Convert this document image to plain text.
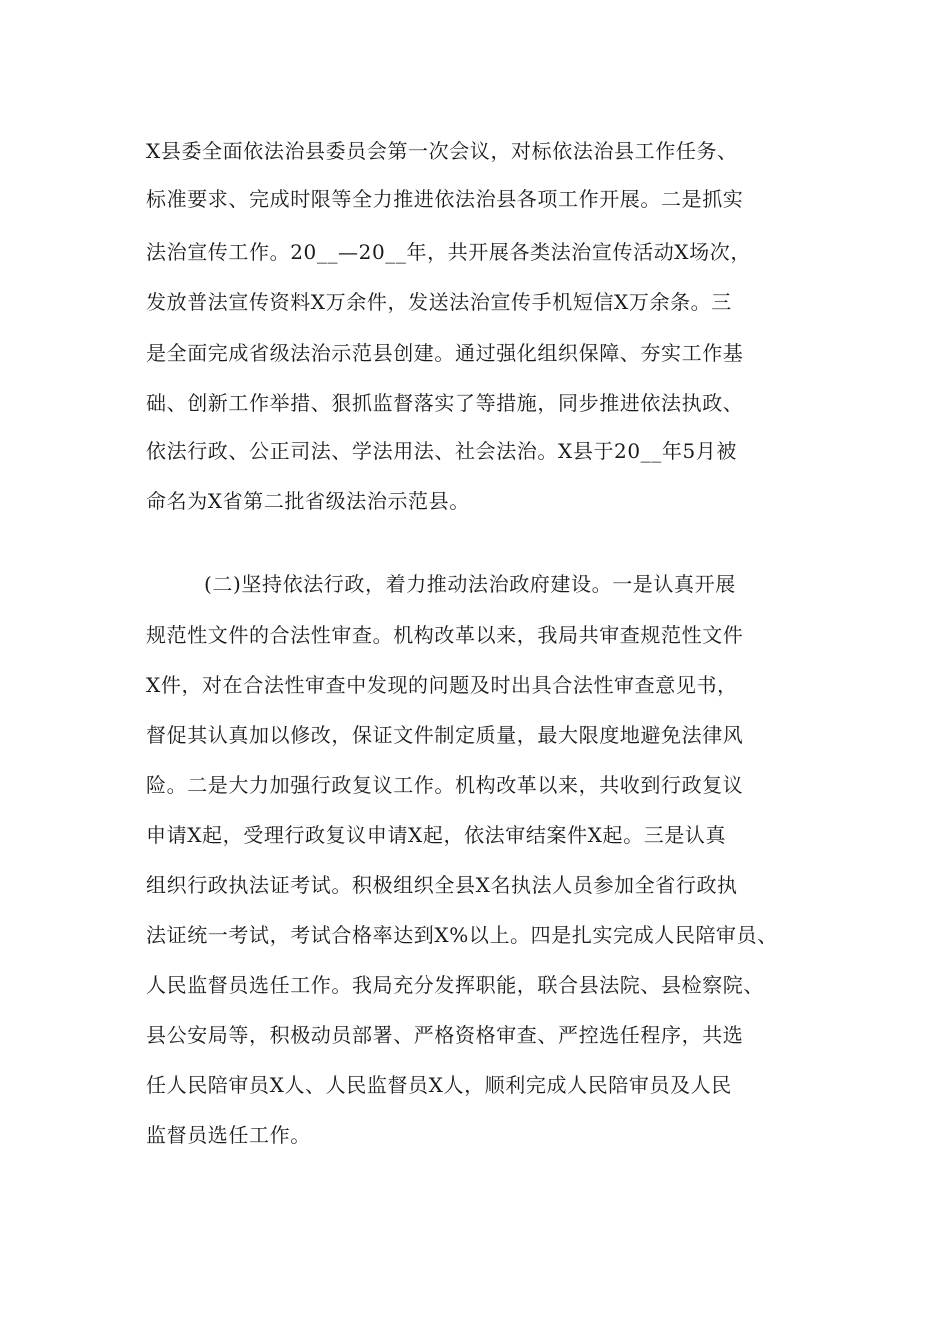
X县委全面依法治县委员会第一次会议，对标依法治县工作任务、

标准要求、完成时限等全力推进依法治县各项工作开展。二是抓实

法治宣传工作。20__—20__年，共开展各类法治宣传活动X场次，

发放普法宣传资料X万余件，发送法治宣传手机短信X万余条。三

是全面完成省级法治示范县创建。通过强化组织保障、夯实工作基

础、创新工作举措、狠抓监督落实了等措施，同步推进依法执政、

依法行政、公正司法、学法用法、社会法治。X县于20__年5月被

命名为X省第二批省级法治示范县。

(二)坚持依法行政，着力推动法治政府建设。一是认真开展

规范性文件的合法性审查。机构改革以来，我局共审查规范性文件

X件，对在合法性审查中发现的问题及时出具合法性审查意见书，

督促其认真加以修改，保证文件制定质量，最大限度地避免法律风

险。二是大力加强行政复议工作。机构改革以来，共收到行政复议

申请X起，受理行政复议申请X起，依法审结案件X起。三是认真

组织行政执法证考试。积极组织全县X名执法人员参加全省行政执

法证统一考试，考试合格率达到X%以上。四是扎实完成人民陪审员、

人民监督员选任工作。我局充分发挥职能，联合县法院、县检察院、

县公安局等，积极动员部署、严格资格审查、严控选任程序，共选

任人民陪审员X人、人民监督员X人，顺利完成人民陪审员及人民

监督员选任工作。
